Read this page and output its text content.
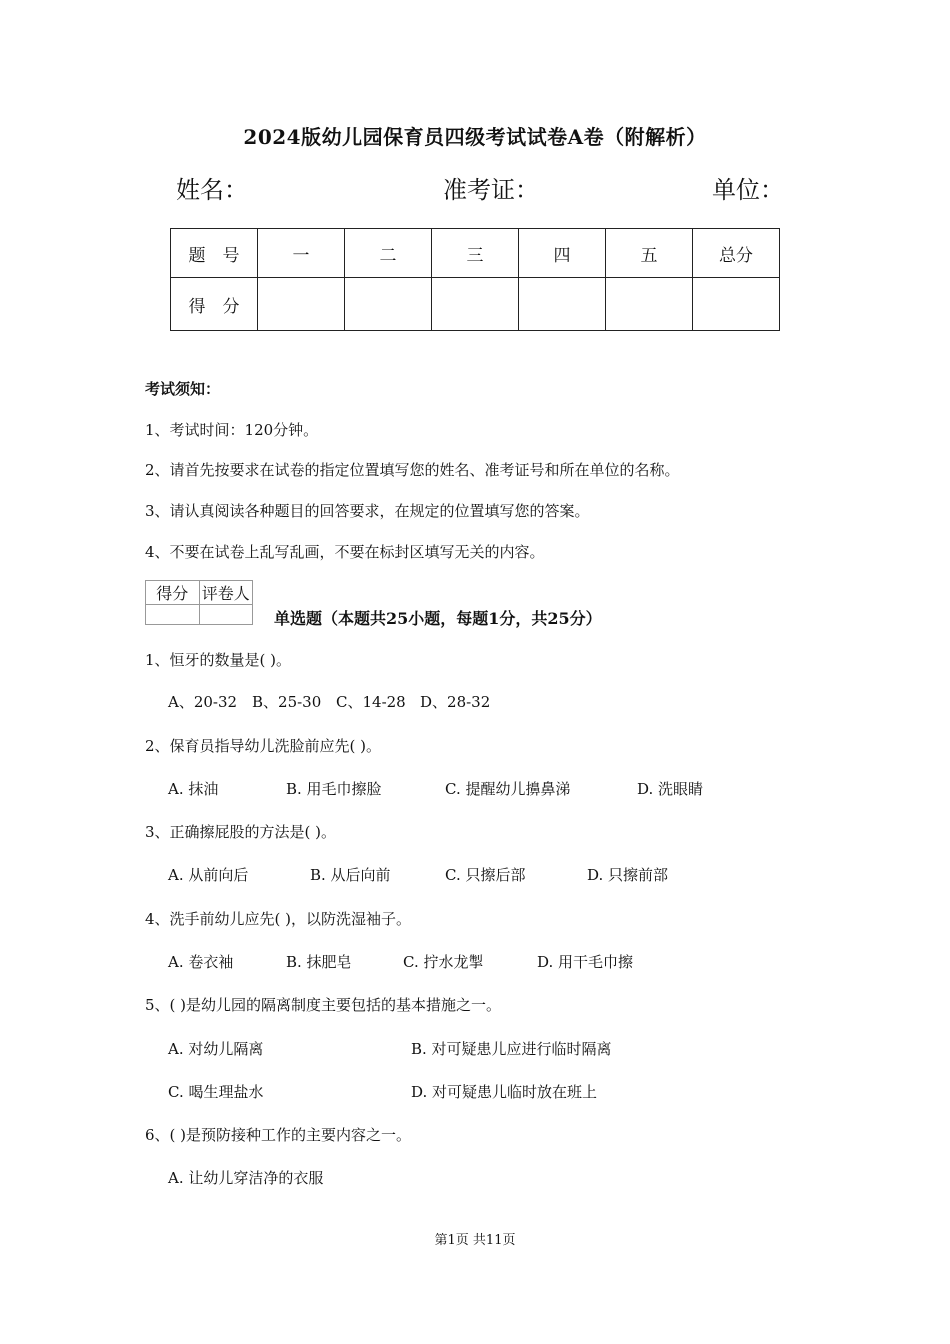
2024版幼儿园保育员四级考试试卷A卷（附解析）
姓名：	准考证：	单位：
题　号	一	二	三	四	五	总分
得　分						
考试须知：
1、考试时间：120分钟。
2、请首先按要求在试卷的指定位置填写您的姓名、准考证号和所在单位的名称。
3、请认真阅读各种题目的回答要求，在规定的位置填写您的答案。
4、不要在试卷上乱写乱画，不要在标封区填写无关的内容。
得分	评卷人

单选题（本题共25小题，每题1分，共25分）
1、恒牙的数量是( )。
A、20-32 B、25-30 C、14-28 D、28-32
2、保育员指导幼儿洗脸前应先( )。
A. 抹油	B. 用毛巾擦脸	C. 提醒幼儿擤鼻涕	D. 洗眼睛
3、正确擦屁股的方法是( )。
A. 从前向后	B. 从后向前	C. 只擦后部	D. 只擦前部
4、洗手前幼儿应先( )，以防洗湿袖子。
A. 卷衣袖	B. 抹肥皂	C. 拧水龙掣	D. 用干毛巾擦
5、( )是幼儿园的隔离制度主要包括的基本措施之一。
A. 对幼儿隔离	B. 对可疑患儿应进行临时隔离
C. 喝生理盐水	D. 对可疑患儿临时放在班上
6、( )是预防接种工作的主要内容之一。
A. 让幼儿穿洁净的衣服
第1页 共11页
